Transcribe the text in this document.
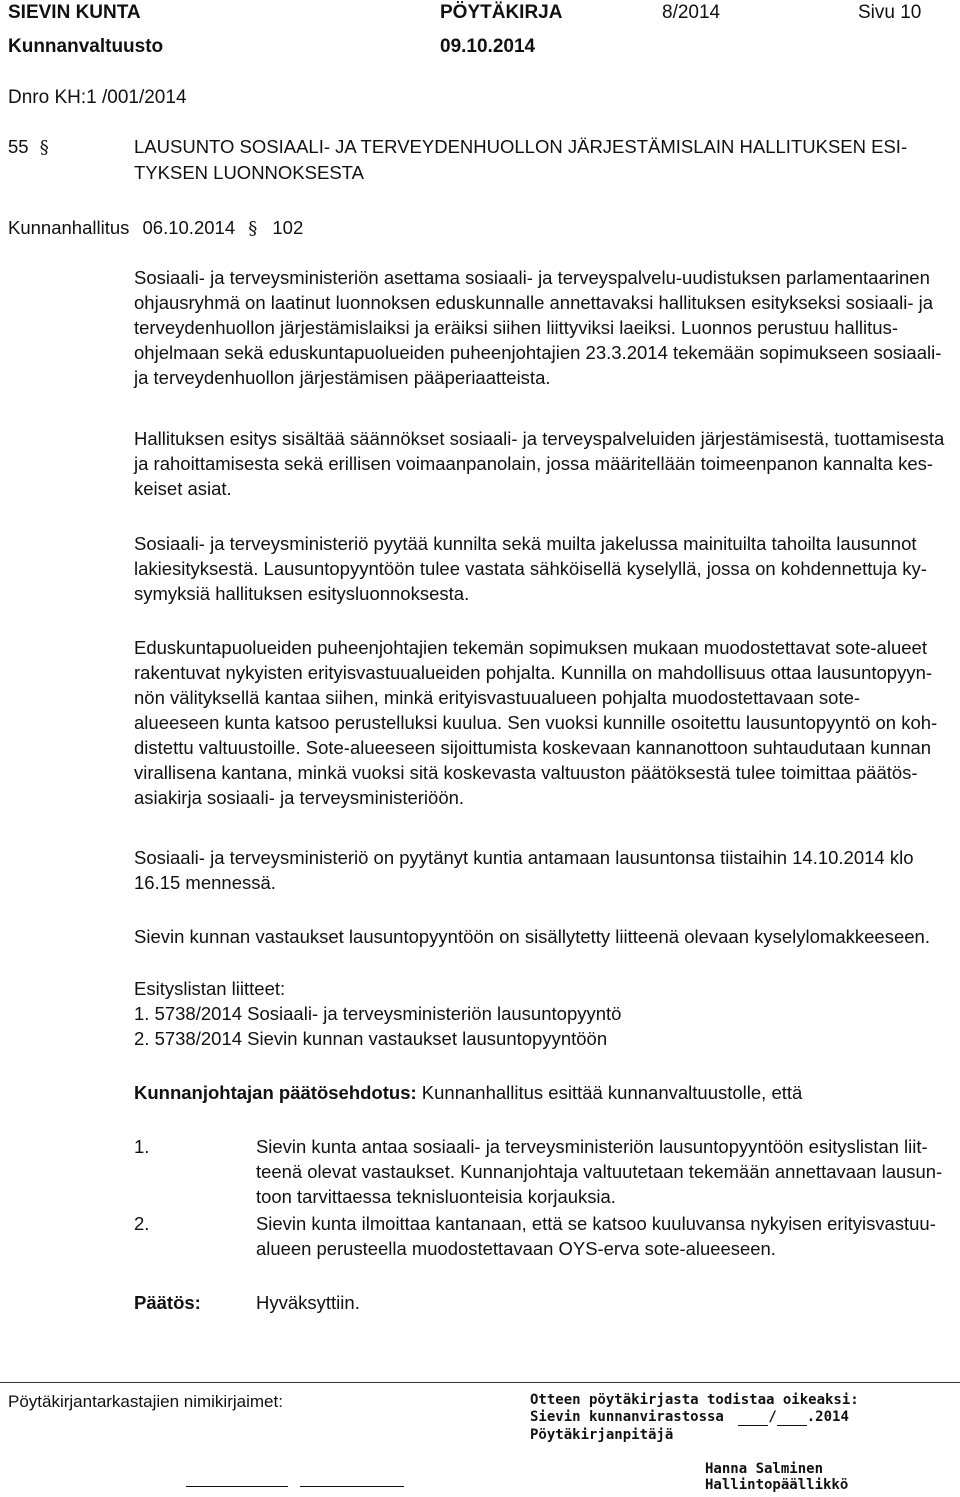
SIEVIN KUNTA	PÖYTÄKIRJA	8/2014	Sivu 10
Kunnanvaltuusto	09.10.2014
Dnro KH:1 /001/2014
55 §	LAUSUNTO SOSIAALI- JA TERVEYDENHUOLLON JÄRJESTÄMISLAIN HALLITUKSEN ESI-
TYKSEN LUONNOKSESTA
Kunnanhallitus 06.10.2014 § 102

Sosiaali- ja terveysministeriön asettama sosiaali- ja terveyspalvelu-uudistuksen parlamentaarinen

ohjausryhmä on laatinut luonnoksen eduskunnalle annettavaksi hallituksen esitykseksi sosiaali- ja

terveydenhuollon järjestämislaiksi ja eräiksi siihen liittyviksi laeiksi. Luonnos perustuu hallitus-

ohjelmaan sekä eduskuntapuolueiden puheenjohtajien 23.3.2014 tekemään sopimukseen sosiaali-

ja terveydenhuollon järjestämisen pääperiaatteista.

Hallituksen esitys sisältää säännökset sosiaali- ja terveyspalveluiden järjestämisestä, tuottamisesta

ja rahoittamisesta sekä erillisen voimaanpanolain, jossa määritellään toimeenpanon kannalta kes-

keiset asiat.

Sosiaali- ja terveysministeriö pyytää kunnilta sekä muilta jakelussa mainituilta tahoilta lausunnot

lakiesityksestä. Lausuntopyyntöön tulee vastata sähköisellä kyselyllä, jossa on kohdennettuja ky-

symyksiä hallituksen esitysluonnoksesta.

Eduskuntapuolueiden puheenjohtajien tekemän sopimuksen mukaan muodostettavat sote-alueet

rakentuvat nykyisten erityisvastuualueiden pohjalta. Kunnilla on mahdollisuus ottaa lausuntopyyn-

nön välityksellä kantaa siihen, minkä erityisvastuualueen pohjalta muodostettavaan sote-

alueeseen kunta katsoo perustelluksi kuulua. Sen vuoksi kunnille osoitettu lausuntopyyntö on koh-

distettu valtuustoille. Sote-alueeseen sijoittumista koskevaan kannanottoon suhtaudutaan kunnan

virallisena kantana, minkä vuoksi sitä koskevasta valtuuston päätöksestä tulee toimittaa päätös-

asiakirja sosiaali- ja terveysministeriöön.

Sosiaali- ja terveysministeriö on pyytänyt kuntia antamaan lausuntonsa tiistaihin 14.10.2014 klo

16.15 mennessä.

Sievin kunnan vastaukset lausuntopyyntöön on sisällytetty liitteenä olevaan kyselylomakkeeseen.

Esityslistan liitteet:

1. 5738/2014 Sosiaali- ja terveysministeriön lausuntopyyntö

2. 5738/2014 Sievin kunnan vastaukset lausuntopyyntöön

Kunnanjohtajan päätösehdotus: Kunnanhallitus esittää kunnanvaltuustolle, että

1.	Sievin kunta antaa sosiaali- ja terveysministeriön lausuntopyyntöön esityslistan liit-

teenä olevat vastaukset. Kunnanjohtaja valtuutetaan tekemään annettavaan lausun-

toon tarvittaessa teknisluonteisia korjauksia.

2.	Sievin kunta ilmoittaa kantanaan, että se katsoo kuuluvansa nykyisen erityisvastuu-

alueen perusteella muodostettavaan OYS-erva sote-alueeseen.

Päätös:	Hyväksyttiin.
Pöytäkirjantarkastajien nimikirjaimet:	Otteen pöytäkirjasta todistaa oikeaksi:
Sievin kunnanvirastossa	/ .2014
Pöytäkirjanpitäjä
Hanna Salminen
Hallintopäällikkö
